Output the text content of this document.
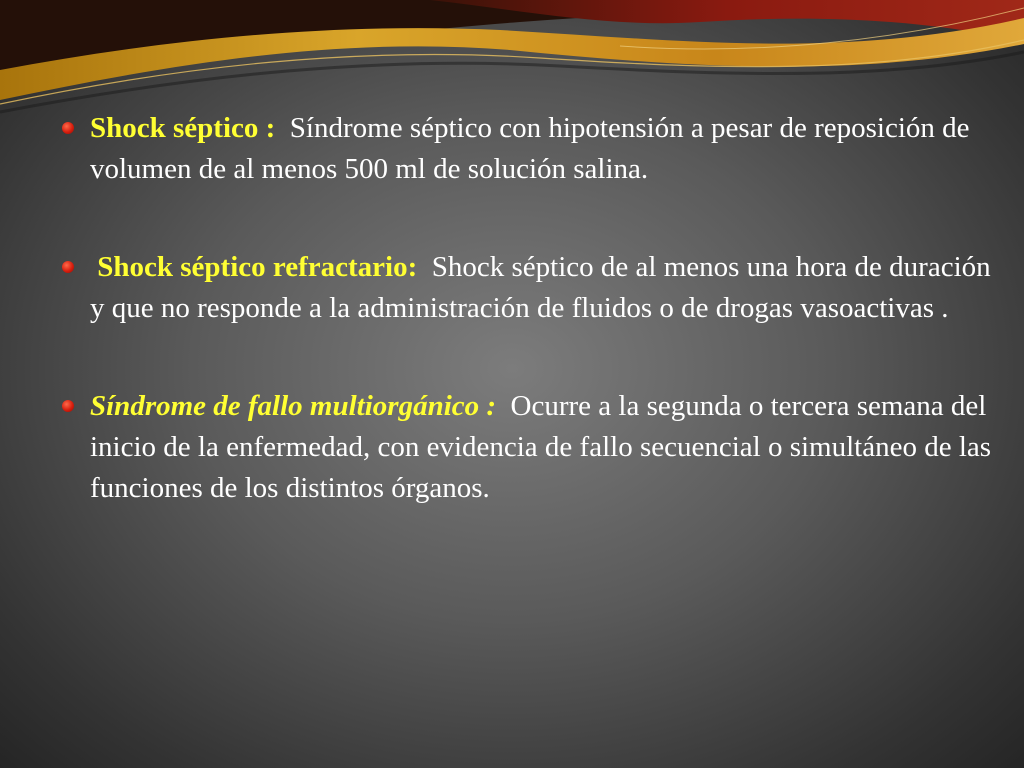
Shock séptico : Síndrome séptico con hipotensión a pesar de reposición de volumen de al menos 500 ml de solución salina.
Shock séptico refractario: Shock séptico de al menos una hora de duración y que no responde a la administración de fluidos o de drogas vasoactivas .
Síndrome de fallo multiorgánico : Ocurre a la segunda o tercera semana del inicio de la enfermedad, con evidencia de fallo secuencial o simultáneo de las funciones de los distintos órganos.
